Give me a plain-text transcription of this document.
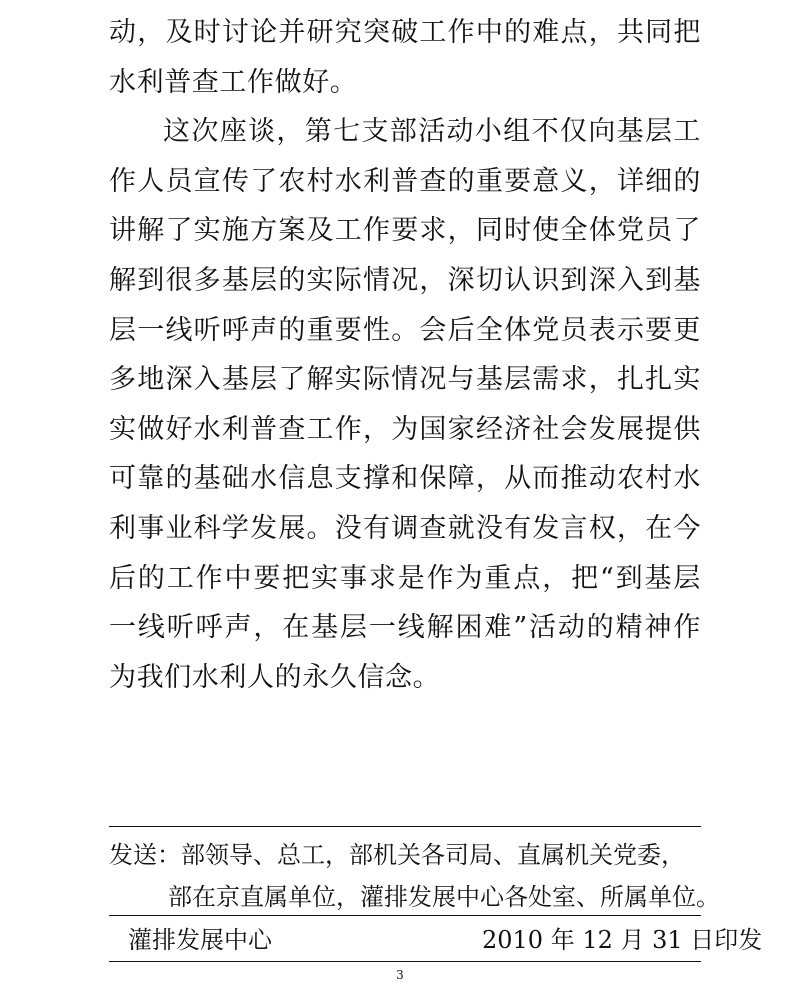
动，及时讨论并研究突破工作中的难点，共同把水利普查工作做好。

这次座谈，第七支部活动小组不仅向基层工作人员宣传了农村水利普查的重要意义，详细的讲解了实施方案及工作要求，同时使全体党员了解到很多基层的实际情况，深切认识到深入到基层一线听呼声的重要性。会后全体党员表示要更多地深入基层了解实际情况与基层需求，扎扎实实做好水利普查工作，为国家经济社会发展提供可靠的基础水信息支撑和保障，从而推动农村水利事业科学发展。没有调查就没有发言权，在今后的工作中要把实事求是作为重点，把“到基层一线听呼声，在基层一线解困难”活动的精神作为我们水利人的永久信念。

发送：部领导、总工，部机关各司局、直属机关党委，
部在京直属单位，灌排发展中心各处室、所属单位。
灌排发展中心	2010 年 12 月 31 日印发
3
